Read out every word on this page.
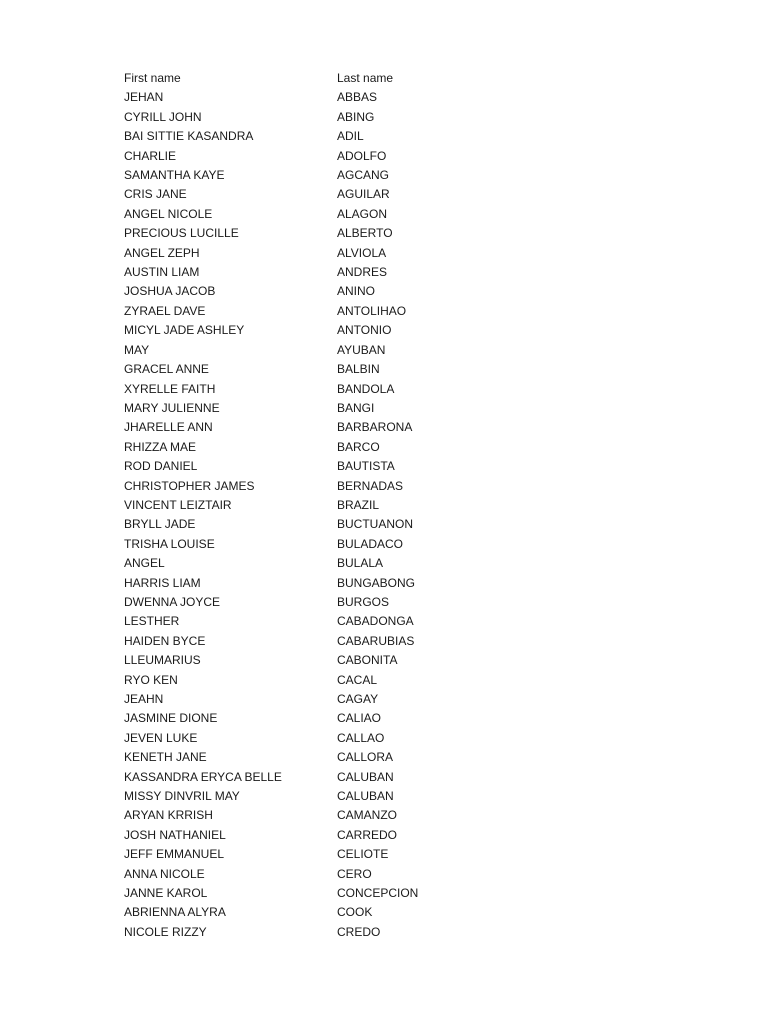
First name	Last name
JEHAN	ABBAS
CYRILL JOHN	ABING
BAI SITTIE KASANDRA	ADIL
CHARLIE	ADOLFO
SAMANTHA KAYE	AGCANG
CRIS JANE	AGUILAR
ANGEL NICOLE	ALAGON
PRECIOUS LUCILLE	ALBERTO
ANGEL ZEPH	ALVIOLA
AUSTIN LIAM	ANDRES
JOSHUA JACOB	ANINO
ZYRAEL DAVE	ANTOLIHAO
MICYL JADE ASHLEY	ANTONIO
MAY	AYUBAN
GRACEL ANNE	BALBIN
XYRELLE FAITH	BANDOLA
MARY JULIENNE	BANGI
JHARELLE ANN	BARBARONA
RHIZZA MAE	BARCO
ROD DANIEL	BAUTISTA
CHRISTOPHER JAMES	BERNADAS
VINCENT LEIZTAIR	BRAZIL
BRYLL JADE	BUCTUANON
TRISHA LOUISE	BULADACO
ANGEL	BULALA
HARRIS LIAM	BUNGABONG
DWENNA JOYCE	BURGOS
LESTHER	CABADONGA
HAIDEN BYCE	CABARUBIAS
LLEUMARIUS	CABONITA
RYO KEN	CACAL
JEAHN	CAGAY
JASMINE DIONE	CALIAO
JEVEN LUKE	CALLAO
KENETH JANE	CALLORA
KASSANDRA ERYCA BELLE	CALUBAN
MISSY DINVRIL MAY	CALUBAN
ARYAN KRRISH	CAMANZO
JOSH NATHANIEL	CARREDO
JEFF EMMANUEL	CELIOTE
ANNA NICOLE	CERO
JANNE KAROL	CONCEPCION
ABRIENNA ALYRA	COOK
NICOLE RIZZY	CREDO
